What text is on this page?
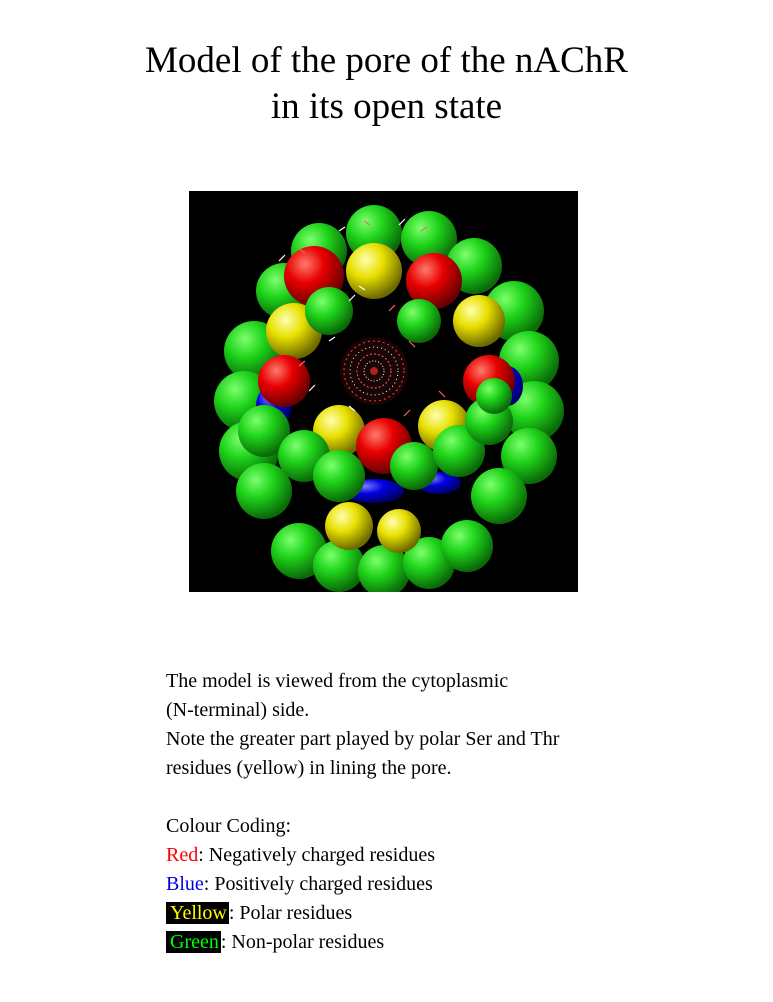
Model of the pore of the nAChR
in its open state

The model is viewed from the cytoplasmic

(N-terminal) side.

Note the greater part played by polar Ser and Thr

residues (yellow) in lining the pore.

Colour Coding:

Red: Negatively charged residues

Blue: Positively charged residues

Yellow : Polar residues

Green : Non-polar residues
